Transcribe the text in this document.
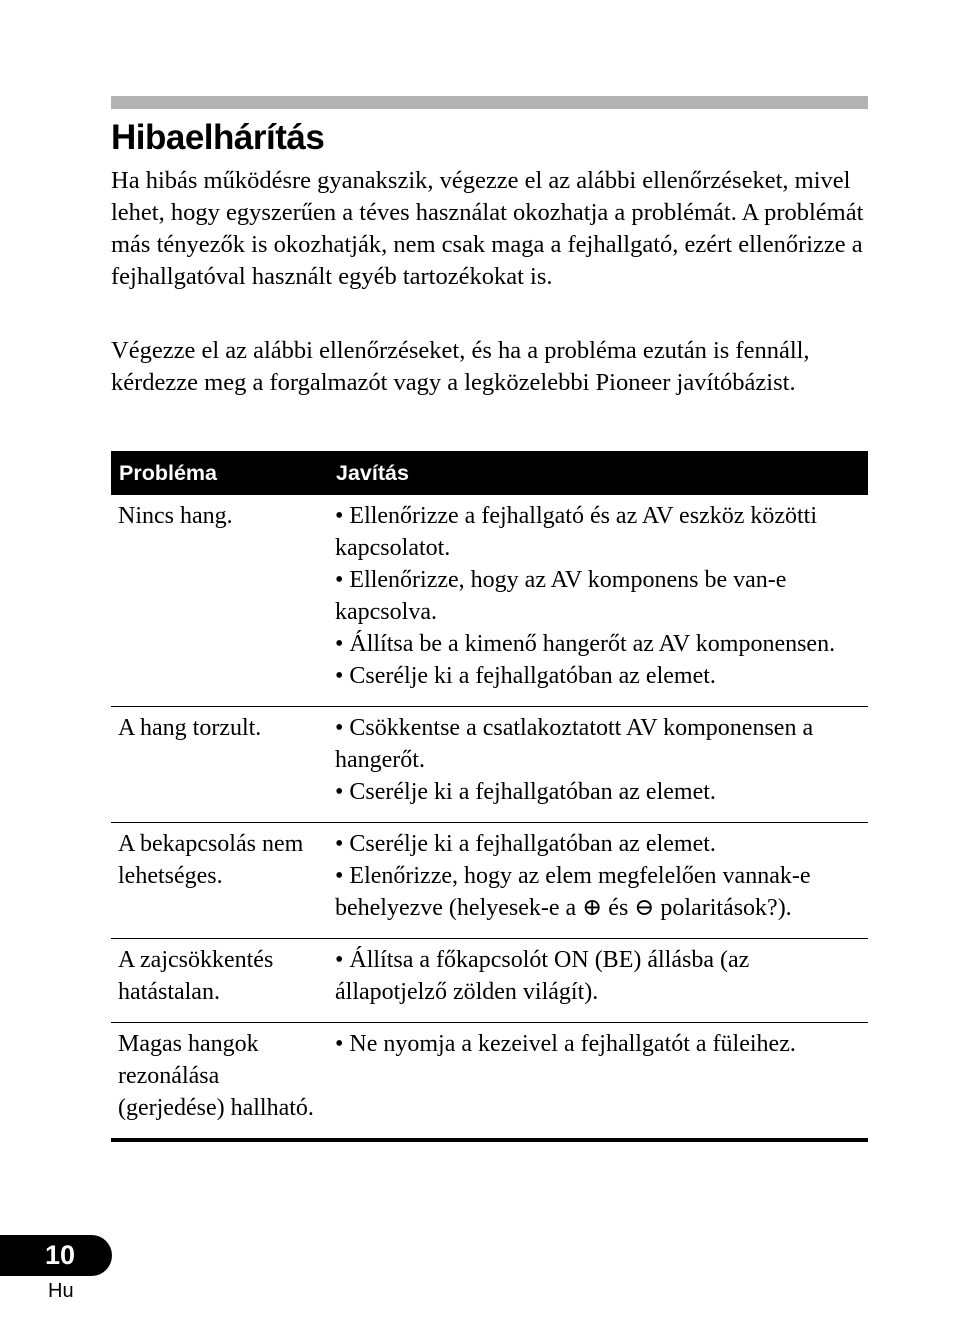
Hibaelhárítás

Ha hibás működésre gyanakszik, végezze el az alábbi ellenőrzéseket, mivel lehet, hogy egyszerűen a téves használat okozhatja a problémát. A problémát más tényezők is okozhatják, nem csak maga a fejhallgató, ezért ellenőrizze a fejhallgatóval használt egyéb tartozékokat is.

Végezze el az alábbi ellenőrzéseket, és ha a probléma ezután is fennáll, kérdezze meg a forgalmazót vagy a legközelebbi Pioneer javítóbázist.

Probléma	Javítás
Nincs hang.	• Ellenőrizze a fejhallgató és az AV eszköz közötti kapcsolatot.
• Ellenőrizze, hogy az AV komponens be van-e kapcsolva.
• Állítsa be a kimenő hangerőt az AV komponensen.
• Cserélje ki a fejhallgatóban az elemet.

A hang torzult.	• Csökkentse a csatlakoztatott AV komponensen a hangerőt.
• Cserélje ki a fejhallgatóban az elemet.

A bekapcsolás nem lehetséges.	• Cserélje ki a fejhallgatóban az elemet.
• Elenőrizze, hogy az elem megfelelően vannak-e behelyezve (helyesek-e a ⊕ és ⊖ polaritások?).

A zajcsökkentés hatástalan.	• Állítsa a főkapcsolót ON (BE) állásba (az állapotjelző zölden világít).

Magas hangok rezonálása (gerjedése) hallható.	• Ne nyomja a kezeivel a fejhallgatót a füleihez.
10
Hu
